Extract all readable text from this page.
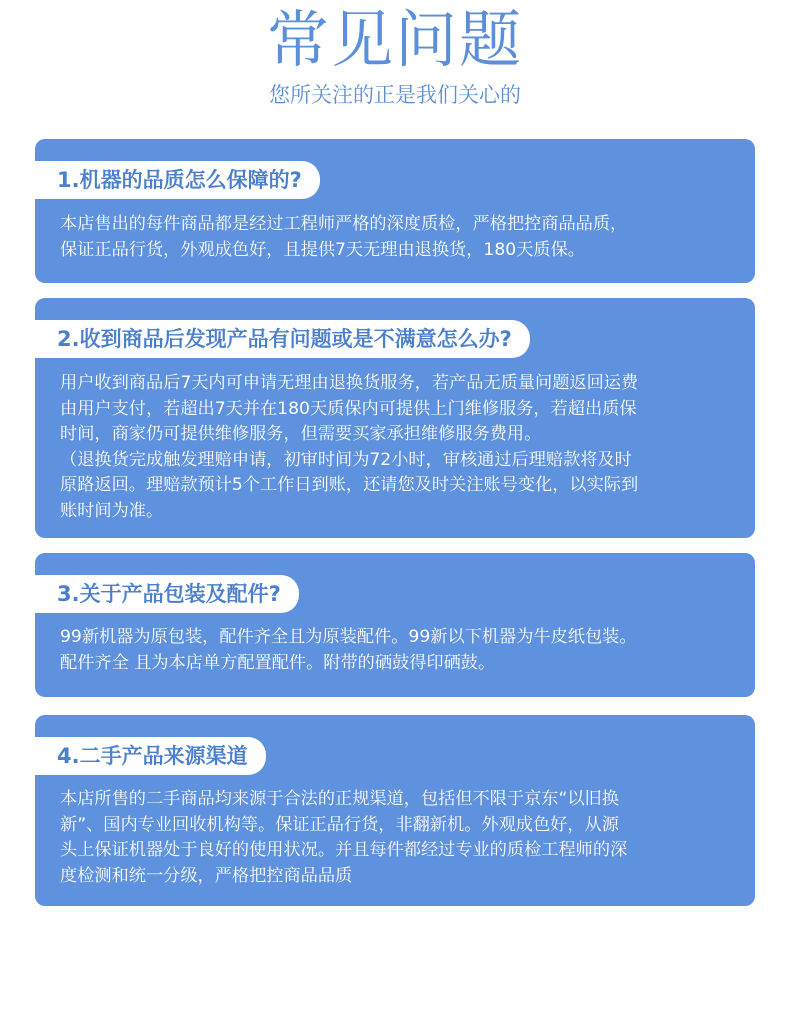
常见问题

您所关注的正是我们关心的

1.机器的品质怎么保障的?

本店售出的每件商品都是经过工程师严格的深度质检，严格把控商品品质，
保证正品行货，外观成色好，且提供7天无理由退换货，180天质保。

2.收到商品后发现产品有问题或是不满意怎么办?

用户收到商品后7天内可申请无理由退换货服务，若产品无质量问题返回运费
由用户支付，若超出7天并在180天质保内可提供上门维修服务，若超出质保
时间，商家仍可提供维修服务，但需要买家承担维修服务费用。
（退换货完成触发理赔申请，初审时间为72小时，审核通过后理赔款将及时
原路返回。理赔款预计5个工作日到账，还请您及时关注账号变化，以实际到
账时间为准。

3.关于产品包装及配件?

99新机器为原包装，配件齐全且为原装配件。99新以下机器为牛皮纸包装。
配件齐全 且为本店单方配置配件。附带的硒鼓得印硒鼓。

4.二手产品来源渠道

本店所售的二手商品均来源于合法的正规渠道，包括但不限于京东“以旧换
新”、国内专业回收机构等。保证正品行货，非翻新机。外观成色好，从源
头上保证机器处于良好的使用状况。并且每件都经过专业的质检工程师的深
度检测和统一分级，严格把控商品品质
